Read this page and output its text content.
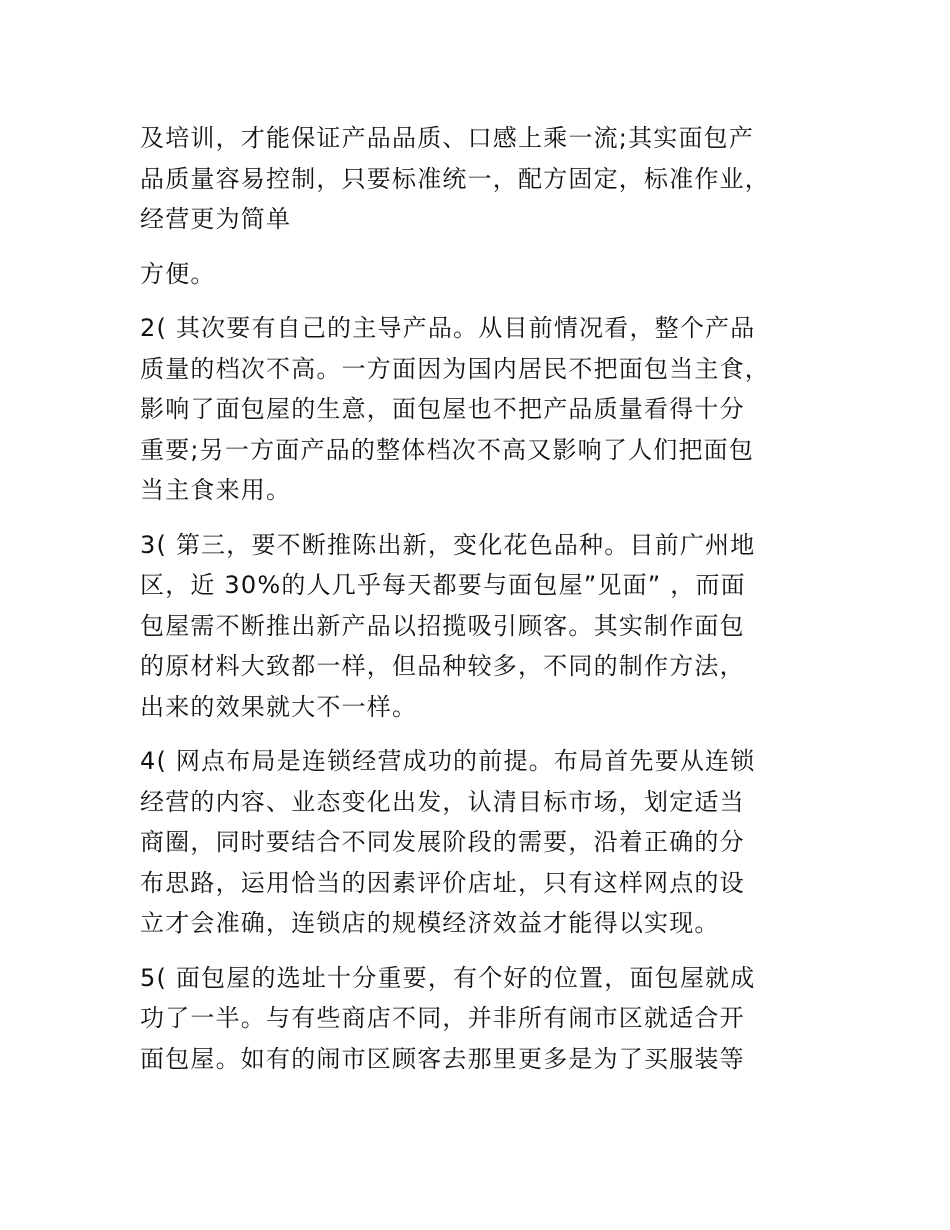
及培训，才能保证产品品质、口感上乘一流;其实面包产
品质量容易控制，只要标准统一，配方固定，标准作业，
经营更为简单

方便。

2( 其次要有自己的主导产品。从目前情况看，整个产品
质量的档次不高。一方面因为国内居民不把面包当主食，
影响了面包屋的生意，面包屋也不把产品质量看得十分
重要;另一方面产品的整体档次不高又影响了人们把面包
当主食来用。

3( 第三，要不断推陈出新，变化花色品种。目前广州地
区，近 30%的人几乎每天都要与面包屋”见面” ，而面
包屋需不断推出新产品以招揽吸引顾客。其实制作面包
的原材料大致都一样，但品种较多，不同的制作方法，
出来的效果就大不一样。

4( 网点布局是连锁经营成功的前提。布局首先要从连锁
经营的内容、业态变化出发，认清目标市场，划定适当
商圈，同时要结合不同发展阶段的需要，沿着正确的分
布思路，运用恰当的因素评价店址，只有这样网点的设
立才会准确，连锁店的规模经济效益才能得以实现。

5( 面包屋的选址十分重要，有个好的位置，面包屋就成
功了一半。与有些商店不同，并非所有闹市区就适合开
面包屋。如有的闹市区顾客去那里更多是为了买服装等
